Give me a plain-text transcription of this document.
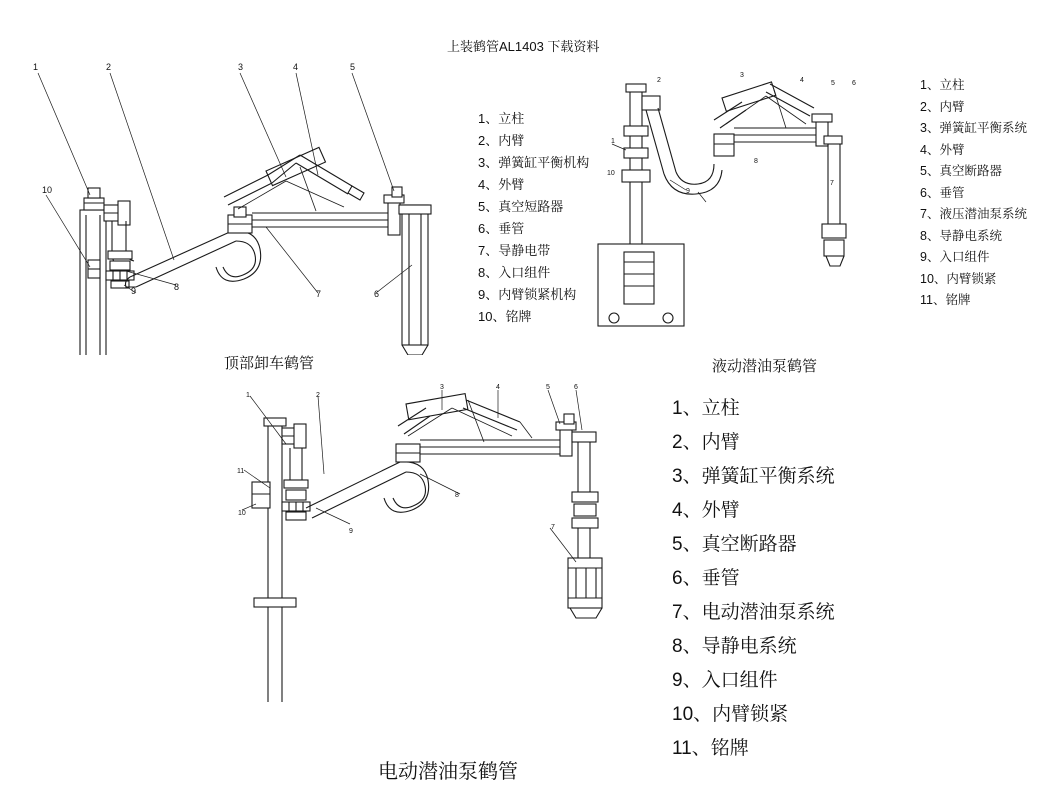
上装鹤管AL1403 下载资料
1	2	3	4	5
10
9	8
7	6
1、立柱
2、内臂
3、弹簧缸平衡机构
4、外臂
5、真空短路器
6、垂管
7、导静电带
8、入口组件
9、内臂锁紧机构
10、铭牌
2
3
4	5 6
1
10
9
8
7
液动潜油泵鹤管
1、立柱
2、内臂
3、弹簧缸平衡系统
4、外臂
5、真空断路器
6、垂管
7、液压潜油泵系统
8、导静电系统
9、入口组件
10、内臂锁紧
11、铭牌
顶部卸车鹤管
1	2
3	4	5	6
11
10
9
8
7
电动潜油泵鹤管
1、立柱
2、内臂
3、弹簧缸平衡系统
4、外臂
5、真空断路器
6、垂管
7、电动潜油泵系统
8、导静电系统
9、入口组件
10、内臂锁紧
11、铭牌
